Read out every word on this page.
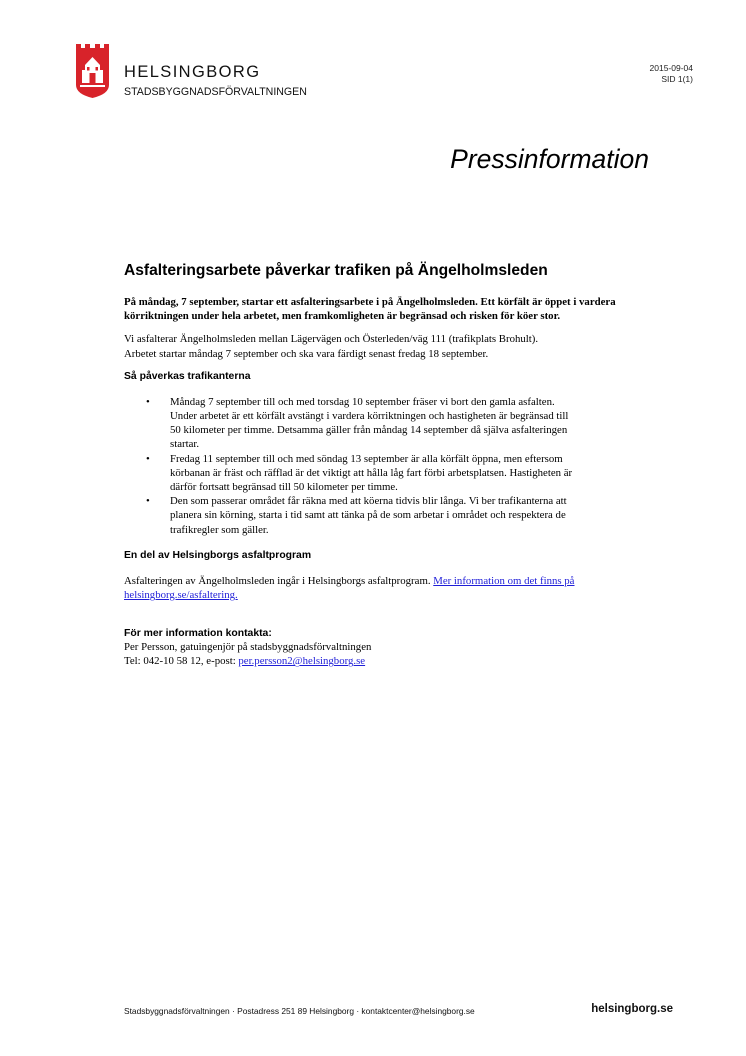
HELSINGBORG
STADSBYGGNADSFÖRVALTNINGEN
2015-09-04
SID 1(1)
Pressinformation
Asfalteringsarbete påverkar trafiken på Ängelholmsleden

På måndag, 7 september, startar ett asfalteringsarbete i på Ängelholmsleden. Ett körfält är öppet i vardera körriktningen under hela arbetet, men framkomligheten är begränsad och risken för köer stor.

Vi asfalterar Ängelholmsleden mellan Lägervägen och Österleden/väg 111 (trafikplats Brohult).
Arbetet startar måndag 7 september och ska vara färdigt senast fredag 18 september.

Så påverkas trafikanterna
• Måndag 7 september till och med torsdag 10 september fräser vi bort den gamla asfalten.
Under arbetet är ett körfält avstängt i vardera körriktningen och hastigheten är begränsad till
50 kilometer per timme. Detsamma gäller från måndag 14 september då själva asfalteringen
startar.
• Fredag 11 september till och med söndag 13 september är alla körfält öppna, men eftersom
körbanan är fräst och räfflad är det viktigt att hålla låg fart förbi arbetsplatsen. Hastigheten är
därför fortsatt begränsad till 50 kilometer per timme.
• Den som passerar området får räkna med att köerna tidvis blir långa. Vi ber trafikanterna att
planera sin körning, starta i tid samt att tänka på de som arbetar i området och respektera de
trafikregler som gäller.
En del av Helsingborgs asfaltprogram

Asfalteringen av Ängelholmsleden ingår i Helsingborgs asfaltprogram. Mer information om det finns på
helsingborg.se/asfaltering.

För mer information kontakta:

Per Persson, gatuingenjör på stadsbyggnadsförvaltningen
Tel: 042-10 58 12, e-post: per.persson2@helsingborg.se

Stadsbyggnadsförvaltningen · Postadress 251 89 Helsingborg · kontaktcenter@helsingborg.se	helsingborg.se
